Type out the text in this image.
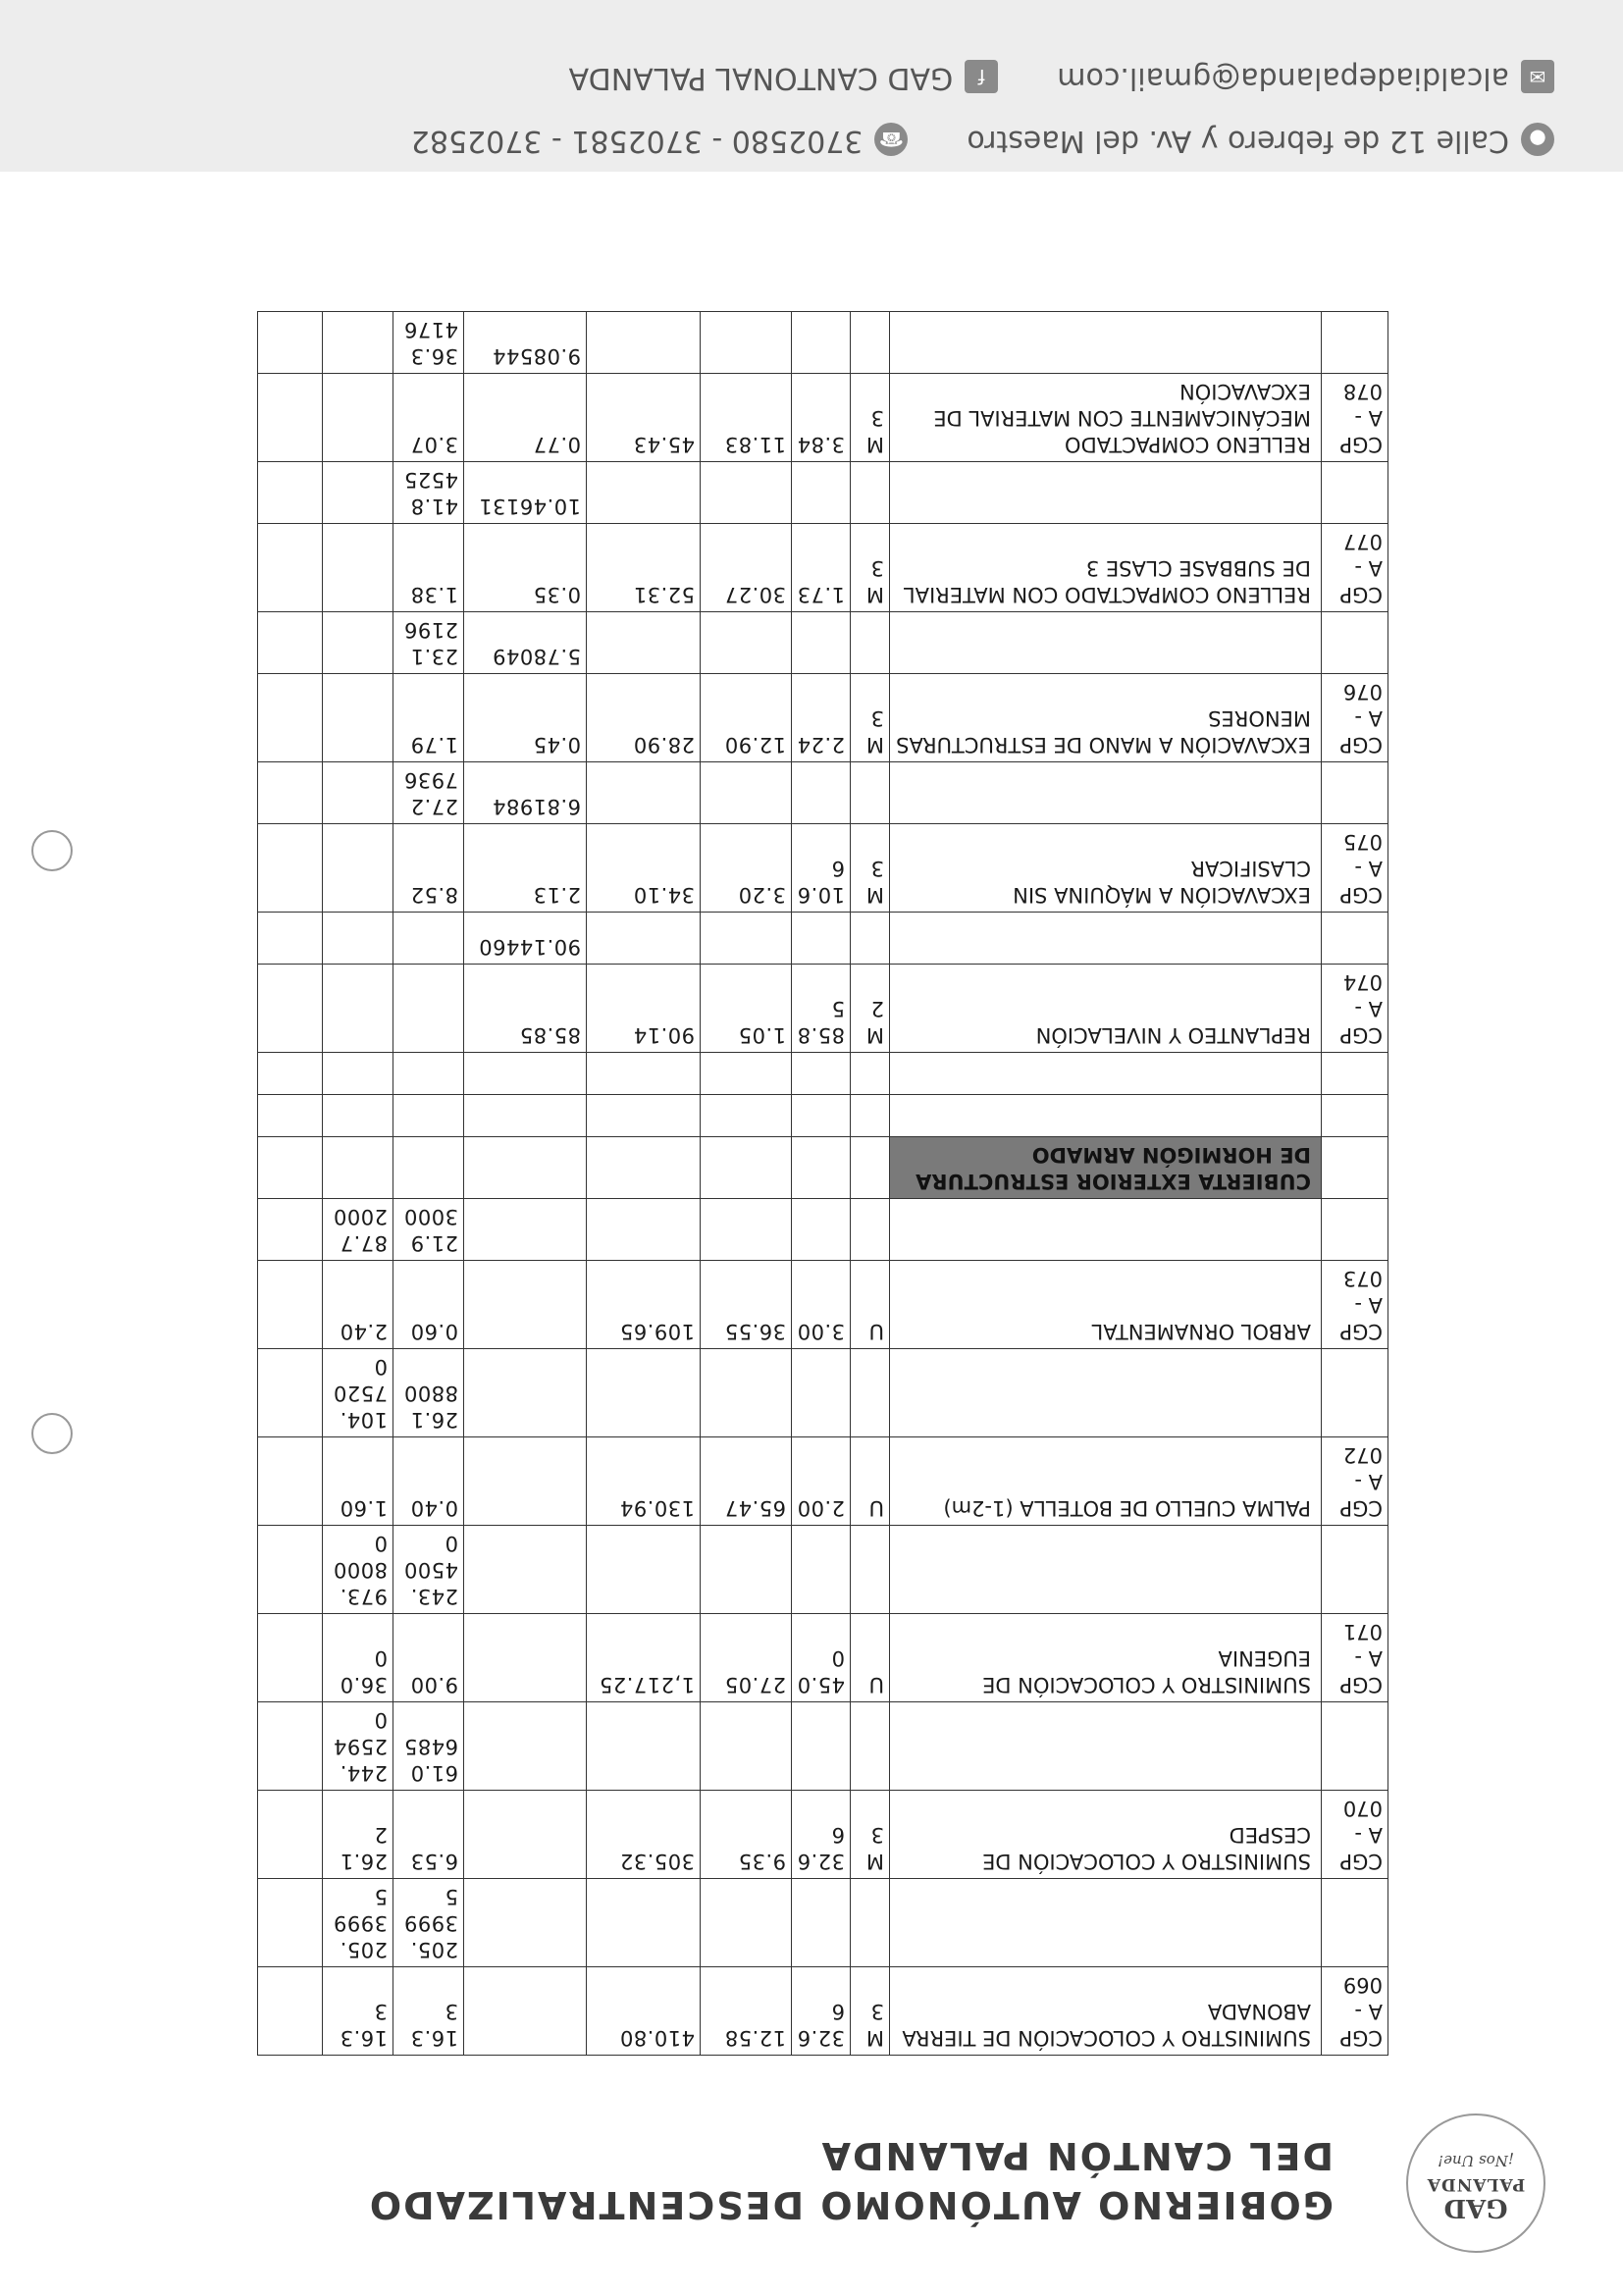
GAD
PALANDA
¡Nos Une!
GOBIERNO AUTÓNOMO DESCENTRALIZADO
DEL CANTÓN PALANDA
CGP A - 069	SUMINISTRO Y COLOCACIÓN DE TIERRA ABONADA	M3	32.66	12.58	410.80		16.33	16.33	
							205.39995	205.39995	
CGP A - 070	SUMINISTRO Y COLOCACIÓN DE CESPED	M3	32.66	9.35	305.32		6.53	26.12	
							61.06485	244.25940	
CGP A - 071	SUMINISTRO Y COLOCACIÓN DE EUGENIA	U	45.00	27.05	1,217.25		9.00	36.00	
							243.45000	973.80000	
CGP A - 072	PALMA CUELLO DE BOTELLA (1-2m)	U	2.00	65.47	130.94		0.40	1.60	
							26.18800	104.75200	
CGP A - 073	ARBOL ORNAMENTAL	U	3.00	36.55	109.65		0.60	2.40	
							21.93000	87.72000	
	CUBIERTA EXTERIOR ESTRUCTURA DE HORMIGÓN ARMADO								

CGP A - 074	REPLANTEO Y NIVELACIÓN	M2	85.85	1.05	90.14	85.85			
						90.14460			
CGP A - 075	EXCAVACIÓN A MÁQUINA SIN CLASIFICAR	M3	10.66	3.20	34.10	2.13	8.52		
						6.81984	27.27936		
CGP A - 076	EXCAVACIÓN A MANO DE ESTRUCTURAS MENORES	M3	2.24	12.90	28.90	0.45	1.79		
						5.78049	23.12196		
CGP A - 077	RELLENO COMPACTADO CON MATERIAL DE SUBBASE CLASE 3	M3	1.73	30.27	52.31	0.35	1.38		
						10.46131	41.84525		
CGP A - 078	RELLENO COMPACTADO MECÁNICAMENTE CON MATERIAL DE EXCAVACIÓN	M3	3.84	11.83	45.43	0.77	3.07		
						9.08544	36.34176		
●Calle 12 de febrero y Av. del Maestro☎3702580 - 3702581 - 3702582
✉alcaldiadepalanda@gmail.comfGAD CANTONAL PALANDA
